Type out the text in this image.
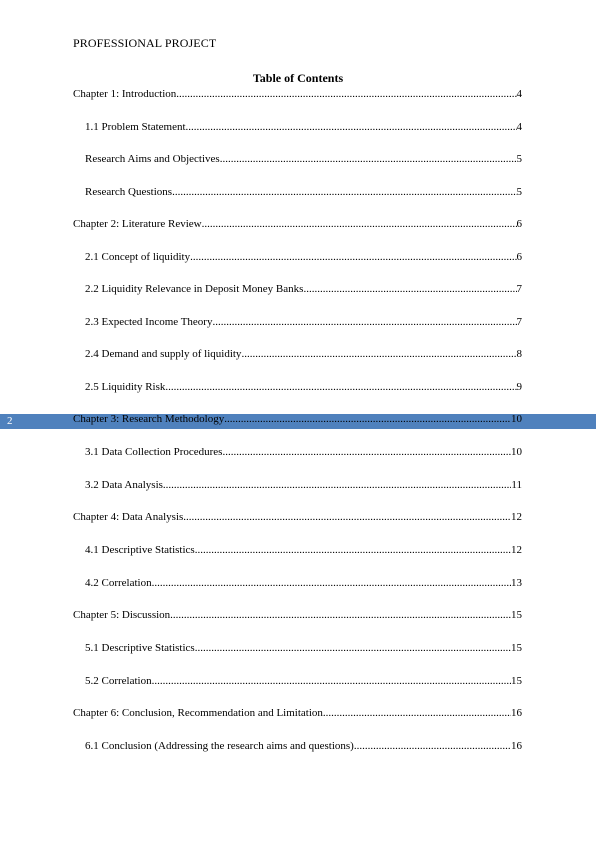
PROFESSIONAL PROJECT
Table of Contents
2
Chapter 1: Introduction .....	4
1.1 Problem Statement .....	4
Research Aims and Objectives .....	5
Research Questions .....	5
Chapter 2: Literature Review .....	6
2.1 Concept of liquidity .....	6
2.2 Liquidity Relevance in Deposit Money Banks .....	7
2.3 Expected Income Theory .....	7
2.4 Demand and supply of liquidity .....	8
2.5 Liquidity Risk .....	9
Chapter 3: Research Methodology .....	10
3.1 Data Collection Procedures .....	10
3.2 Data Analysis .....	11
Chapter 4: Data Analysis .....	12
4.1 Descriptive Statistics .....	12
4.2 Correlation .....	13
Chapter 5: Discussion .....	15
5.1 Descriptive Statistics .....	15
5.2 Correlation .....	15
Chapter 6: Conclusion, Recommendation and Limitation .....	16
6.1 Conclusion (Addressing the research aims and questions) .....	16
